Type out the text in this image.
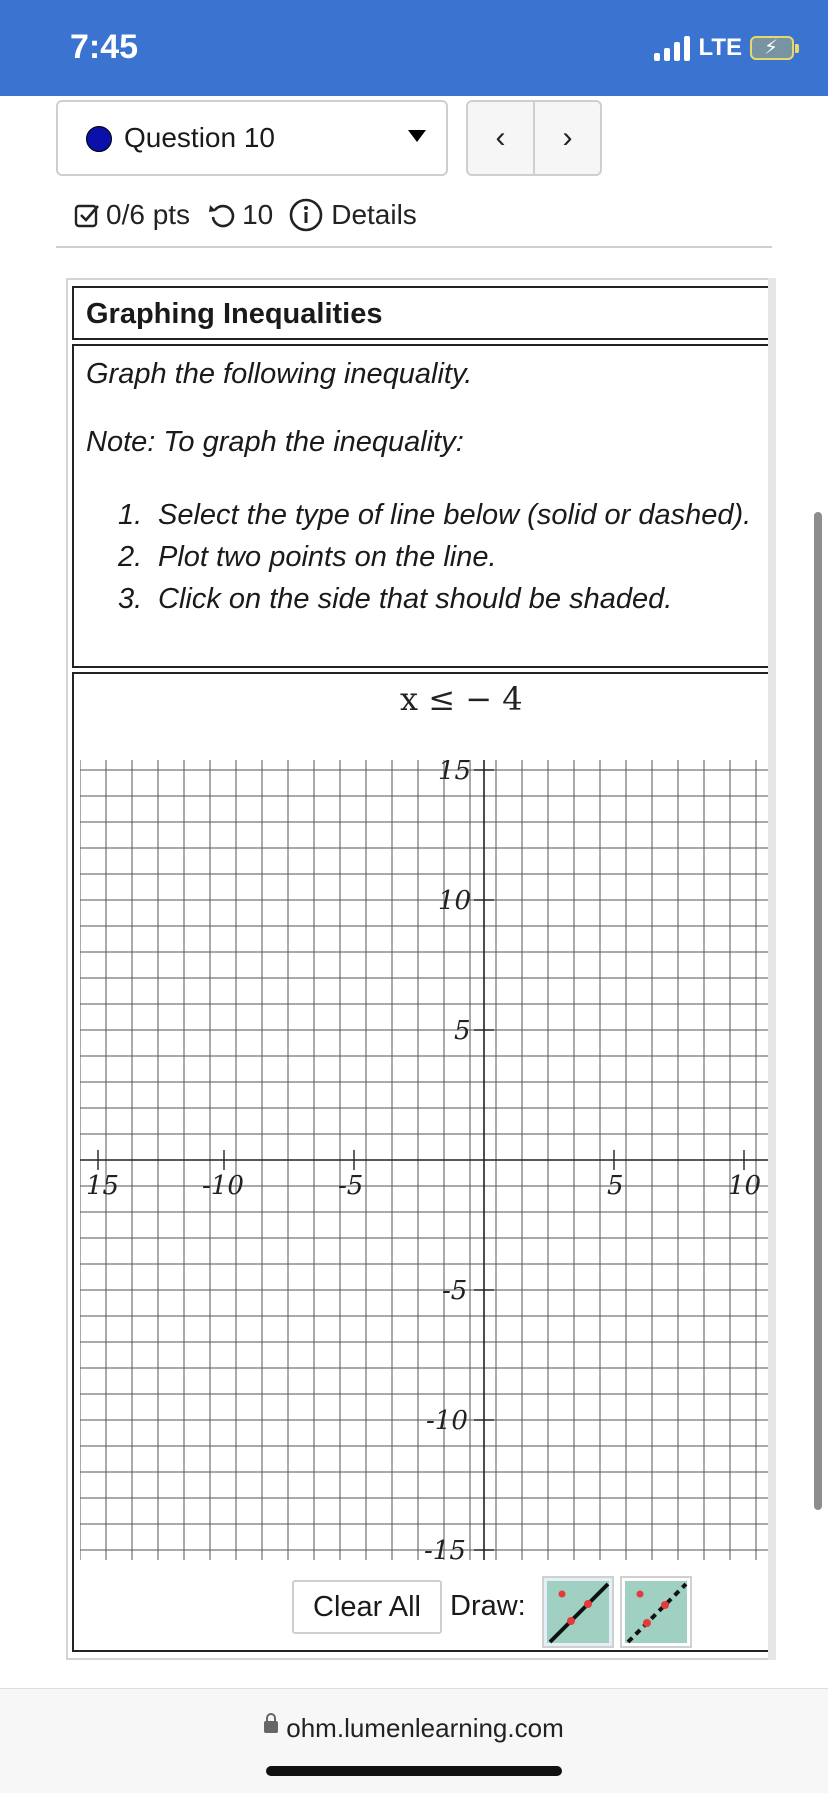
7:45	LTE ⚡
Question 10	‹	›
0/6 pts 10 Details
Graphing Inequalities
Graph the following inequality.
Note: To graph the inequality:
1. Select the type of line below (solid or dashed).
2. Plot two points on the line.
3. Click on the side that should be shaded.
x ≤ − 4
15	-10	-5	5	10
15
10
5
-5
-10
-15
Clear All	Draw:
ohm.lumenlearning.com
